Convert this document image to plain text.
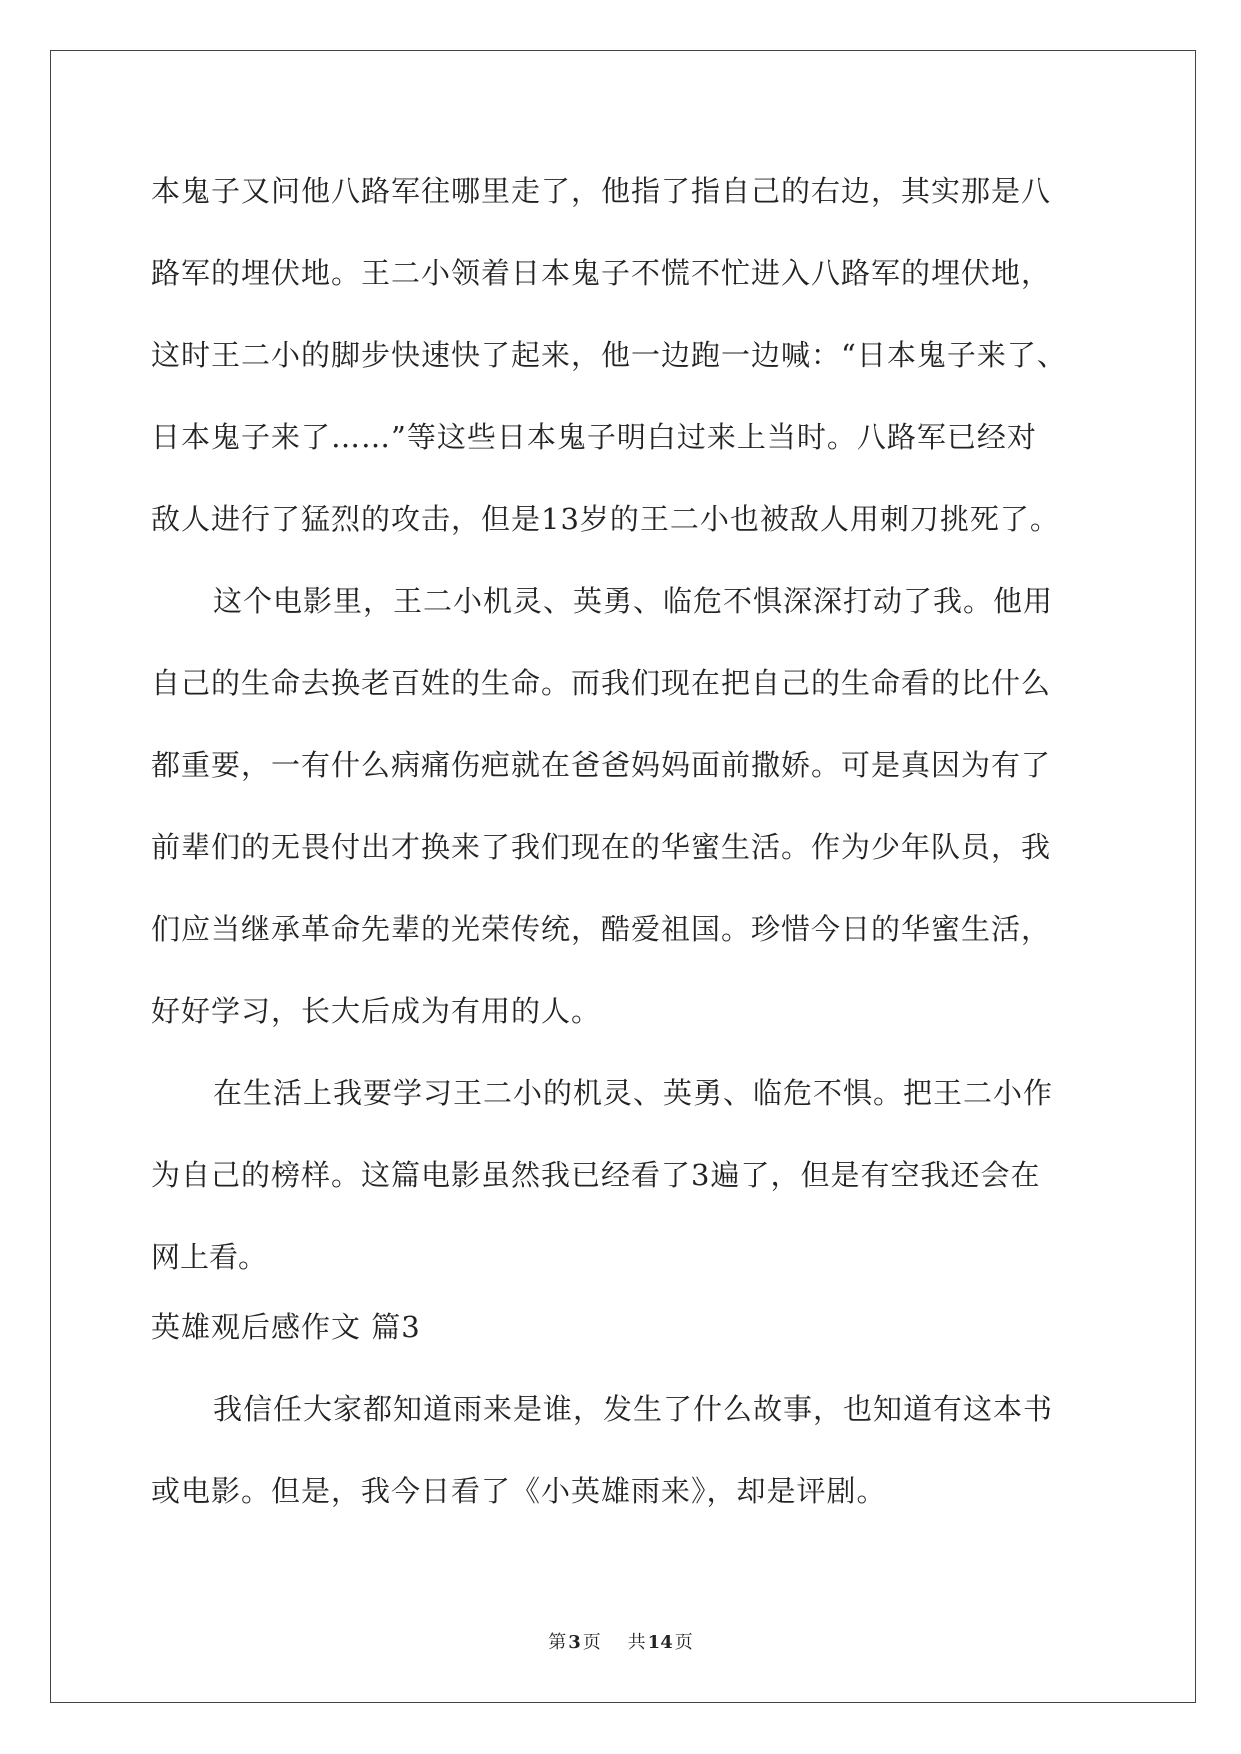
本鬼子又问他八路军往哪里走了，他指了指自己的右边，其实那是八
路军的埋伏地。王二小领着日本鬼子不慌不忙进入八路军的埋伏地，
这时王二小的脚步快速快了起来，他一边跑一边喊：“日本鬼子来了、
日本鬼子来了……”等这些日本鬼子明白过来上当时。八路军已经对
敌人进行了猛烈的攻击，但是13岁的王二小也被敌人用刺刀挑死了。
这个电影里，王二小机灵、英勇、临危不惧深深打动了我。他用
自己的生命去换老百姓的生命。而我们现在把自己的生命看的比什么
都重要，一有什么病痛伤疤就在爸爸妈妈面前撒娇。可是真因为有了
前辈们的无畏付出才换来了我们现在的华蜜生活。作为少年队员，我
们应当继承革命先辈的光荣传统，酷爱祖国。珍惜今日的华蜜生活，
好好学习，长大后成为有用的人。
在生活上我要学习王二小的机灵、英勇、临危不惧。把王二小作
为自己的榜样。这篇电影虽然我已经看了3遍了，但是有空我还会在
网上看。
英雄观后感作文 篇3
我信任大家都知道雨来是谁，发生了什么故事，也知道有这本书
或电影。但是，我今日看了《小英雄雨来》，却是评剧。
第 3 页 共 14 页
